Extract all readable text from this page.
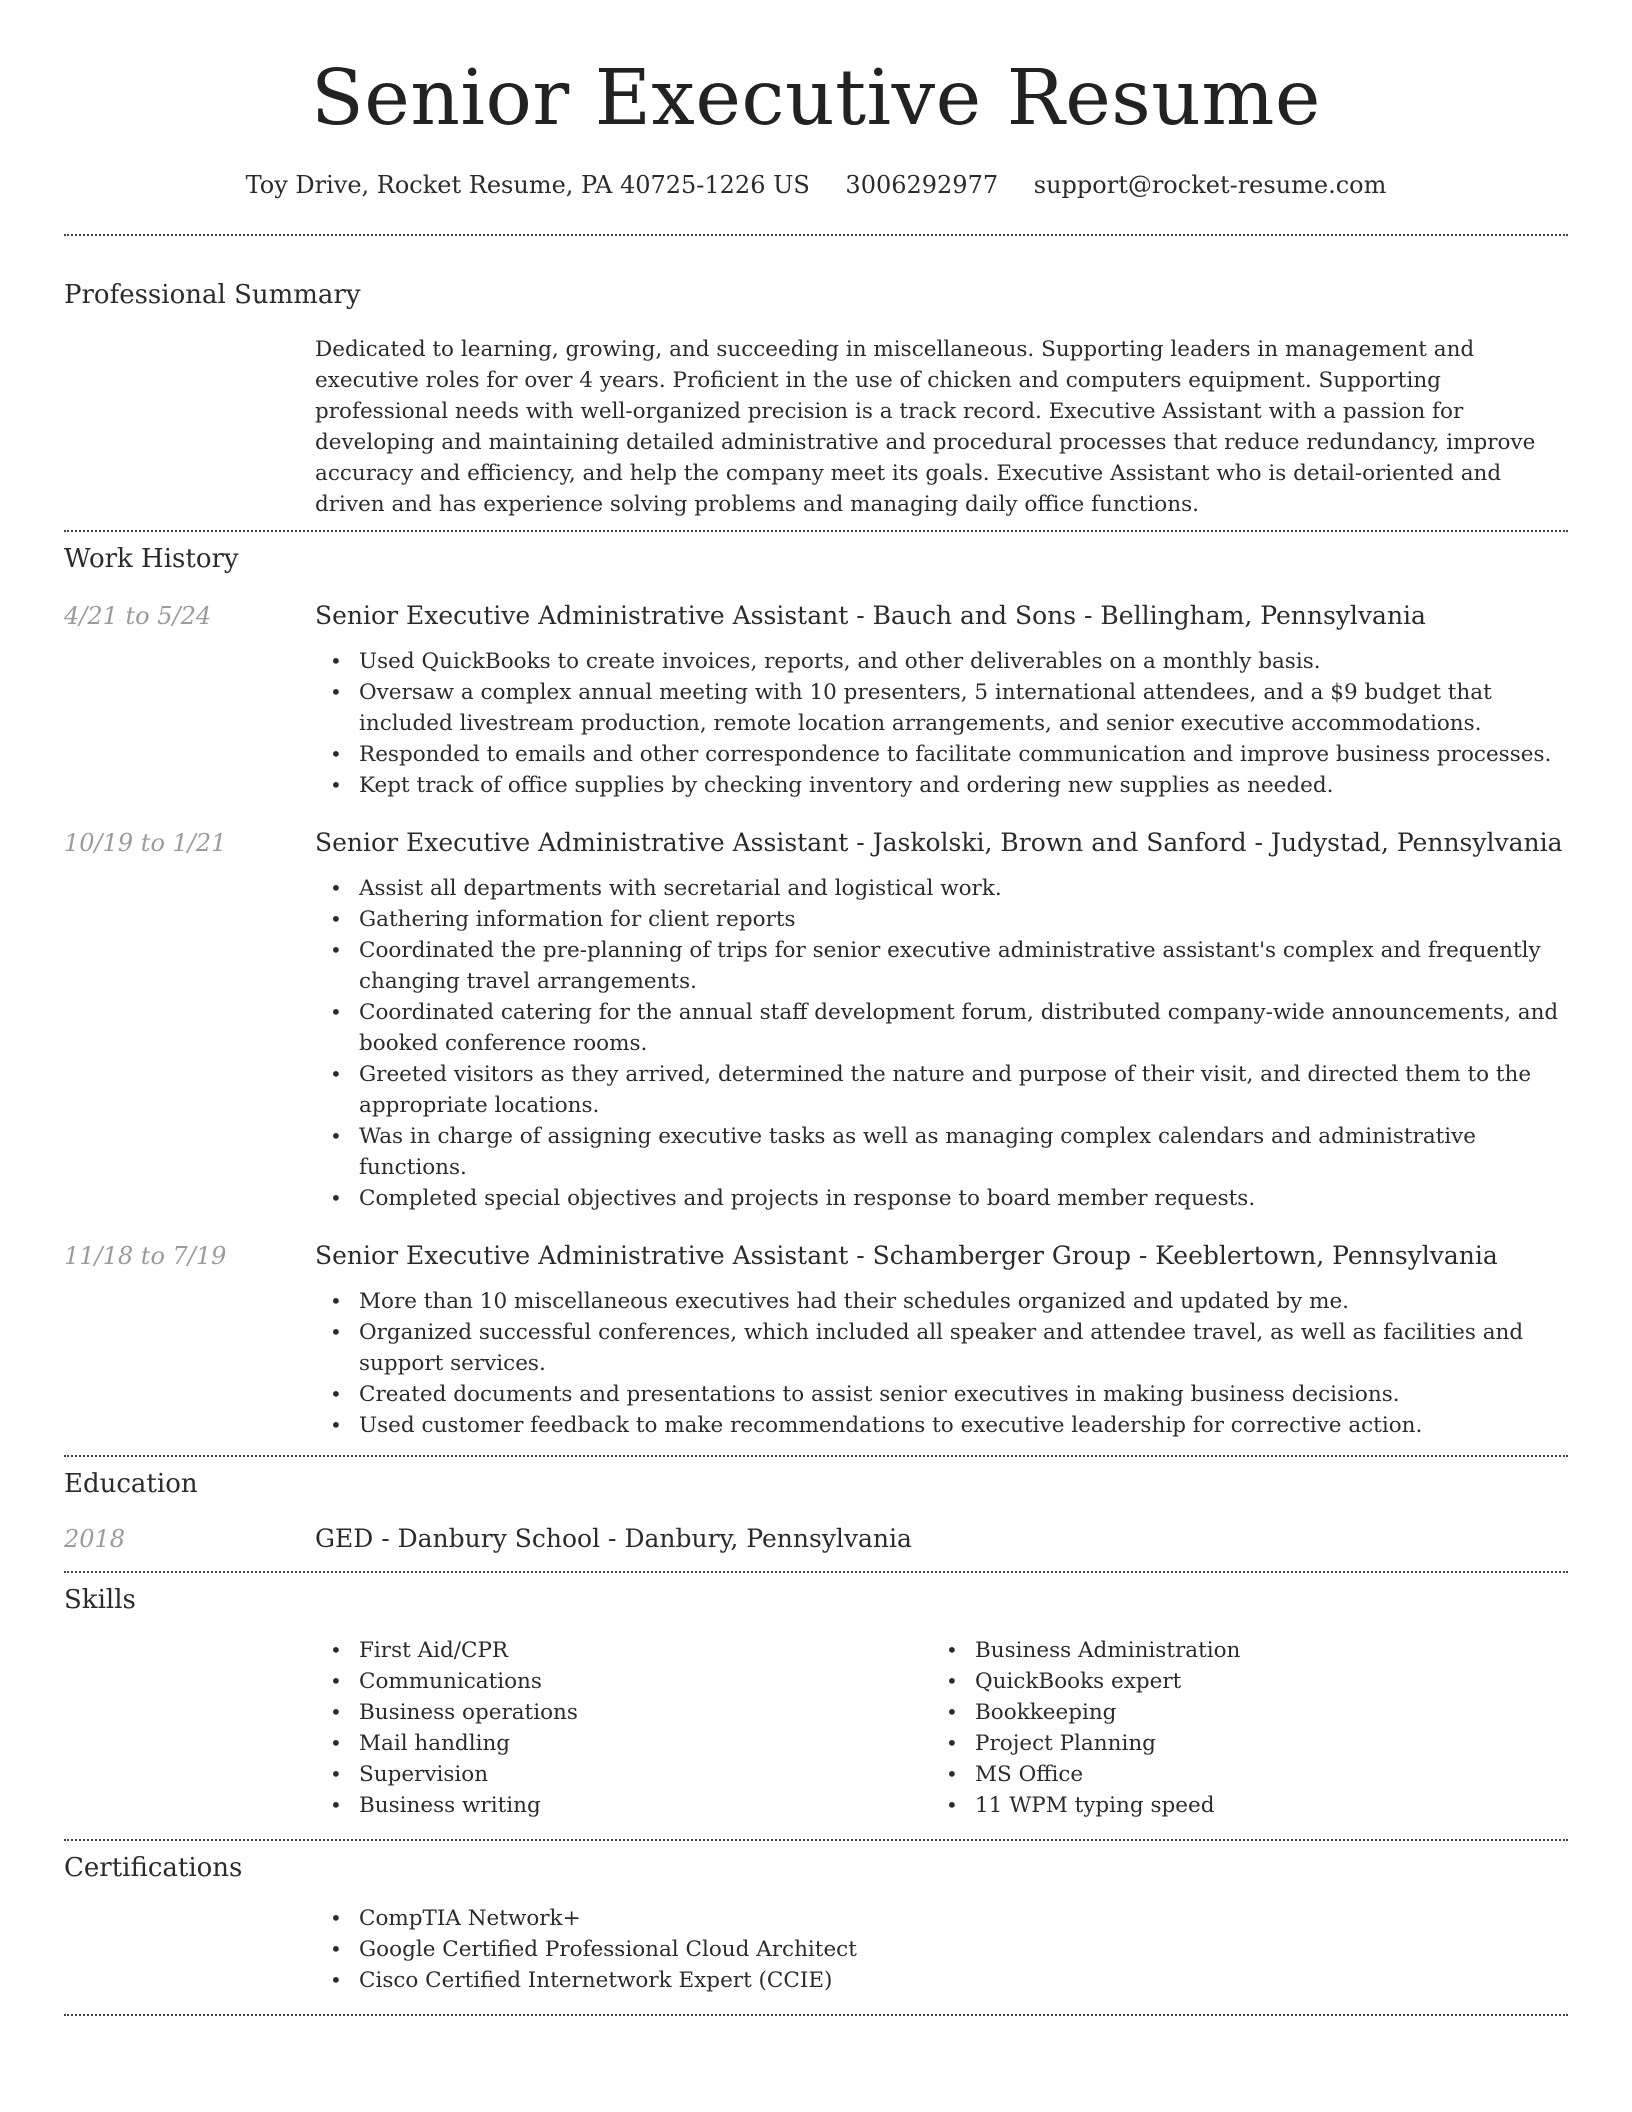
Senior Executive Resume
Toy Drive, Rocket Resume, PA 40725-1226 US 3006292977 support@rocket-resume.com
Professional Summary

Dedicated to learning, growing, and succeeding in miscellaneous. Supporting leaders in management and executive roles for over 4 years. Proficient in the use of chicken and computers equipment. Supporting professional needs with well-organized precision is a track record. Executive Assistant with a passion for developing and maintaining detailed administrative and procedural processes that reduce redundancy, improve accuracy and efficiency, and help the company meet its goals. Executive Assistant who is detail-oriented and driven and has experience solving problems and managing daily office functions.

Work History
4/21 to 5/24	Senior Executive Administrative Assistant - Bauch and Sons - Bellingham, Pennsylvania
• Used QuickBooks to create invoices, reports, and other deliverables on a monthly basis.
• Oversaw a complex annual meeting with 10 presenters, 5 international attendees, and a $9 budget that included livestream production, remote location arrangements, and senior executive accommodations.
• Responded to emails and other correspondence to facilitate communication and improve business processes.
• Kept track of office supplies by checking inventory and ordering new supplies as needed.
10/19 to 1/21	Senior Executive Administrative Assistant - Jaskolski, Brown and Sanford - Judystad, Pennsylvania
• Assist all departments with secretarial and logistical work.
• Gathering information for client reports
• Coordinated the pre-planning of trips for senior executive administrative assistant's complex and frequently changing travel arrangements.
• Coordinated catering for the annual staff development forum, distributed company-wide announcements, and booked conference rooms.
• Greeted visitors as they arrived, determined the nature and purpose of their visit, and directed them to the appropriate locations.
• Was in charge of assigning executive tasks as well as managing complex calendars and administrative functions.
• Completed special objectives and projects in response to board member requests.
11/18 to 7/19	Senior Executive Administrative Assistant - Schamberger Group - Keeblertown, Pennsylvania
• More than 10 miscellaneous executives had their schedules organized and updated by me.
• Organized successful conferences, which included all speaker and attendee travel, as well as facilities and support services.
• Created documents and presentations to assist senior executives in making business decisions.
• Used customer feedback to make recommendations to executive leadership for corrective action.
Education
2018	GED - Danbury School - Danbury, Pennsylvania
Skills
• First Aid/CPR
• Communications
• Business operations
• Mail handling
• Supervision
• Business writing
• Business Administration
• QuickBooks expert
• Bookkeeping
• Project Planning
• MS Office
• 11 WPM typing speed
Certifications
• CompTIA Network+
• Google Certified Professional Cloud Architect
• Cisco Certified Internetwork Expert (CCIE)
